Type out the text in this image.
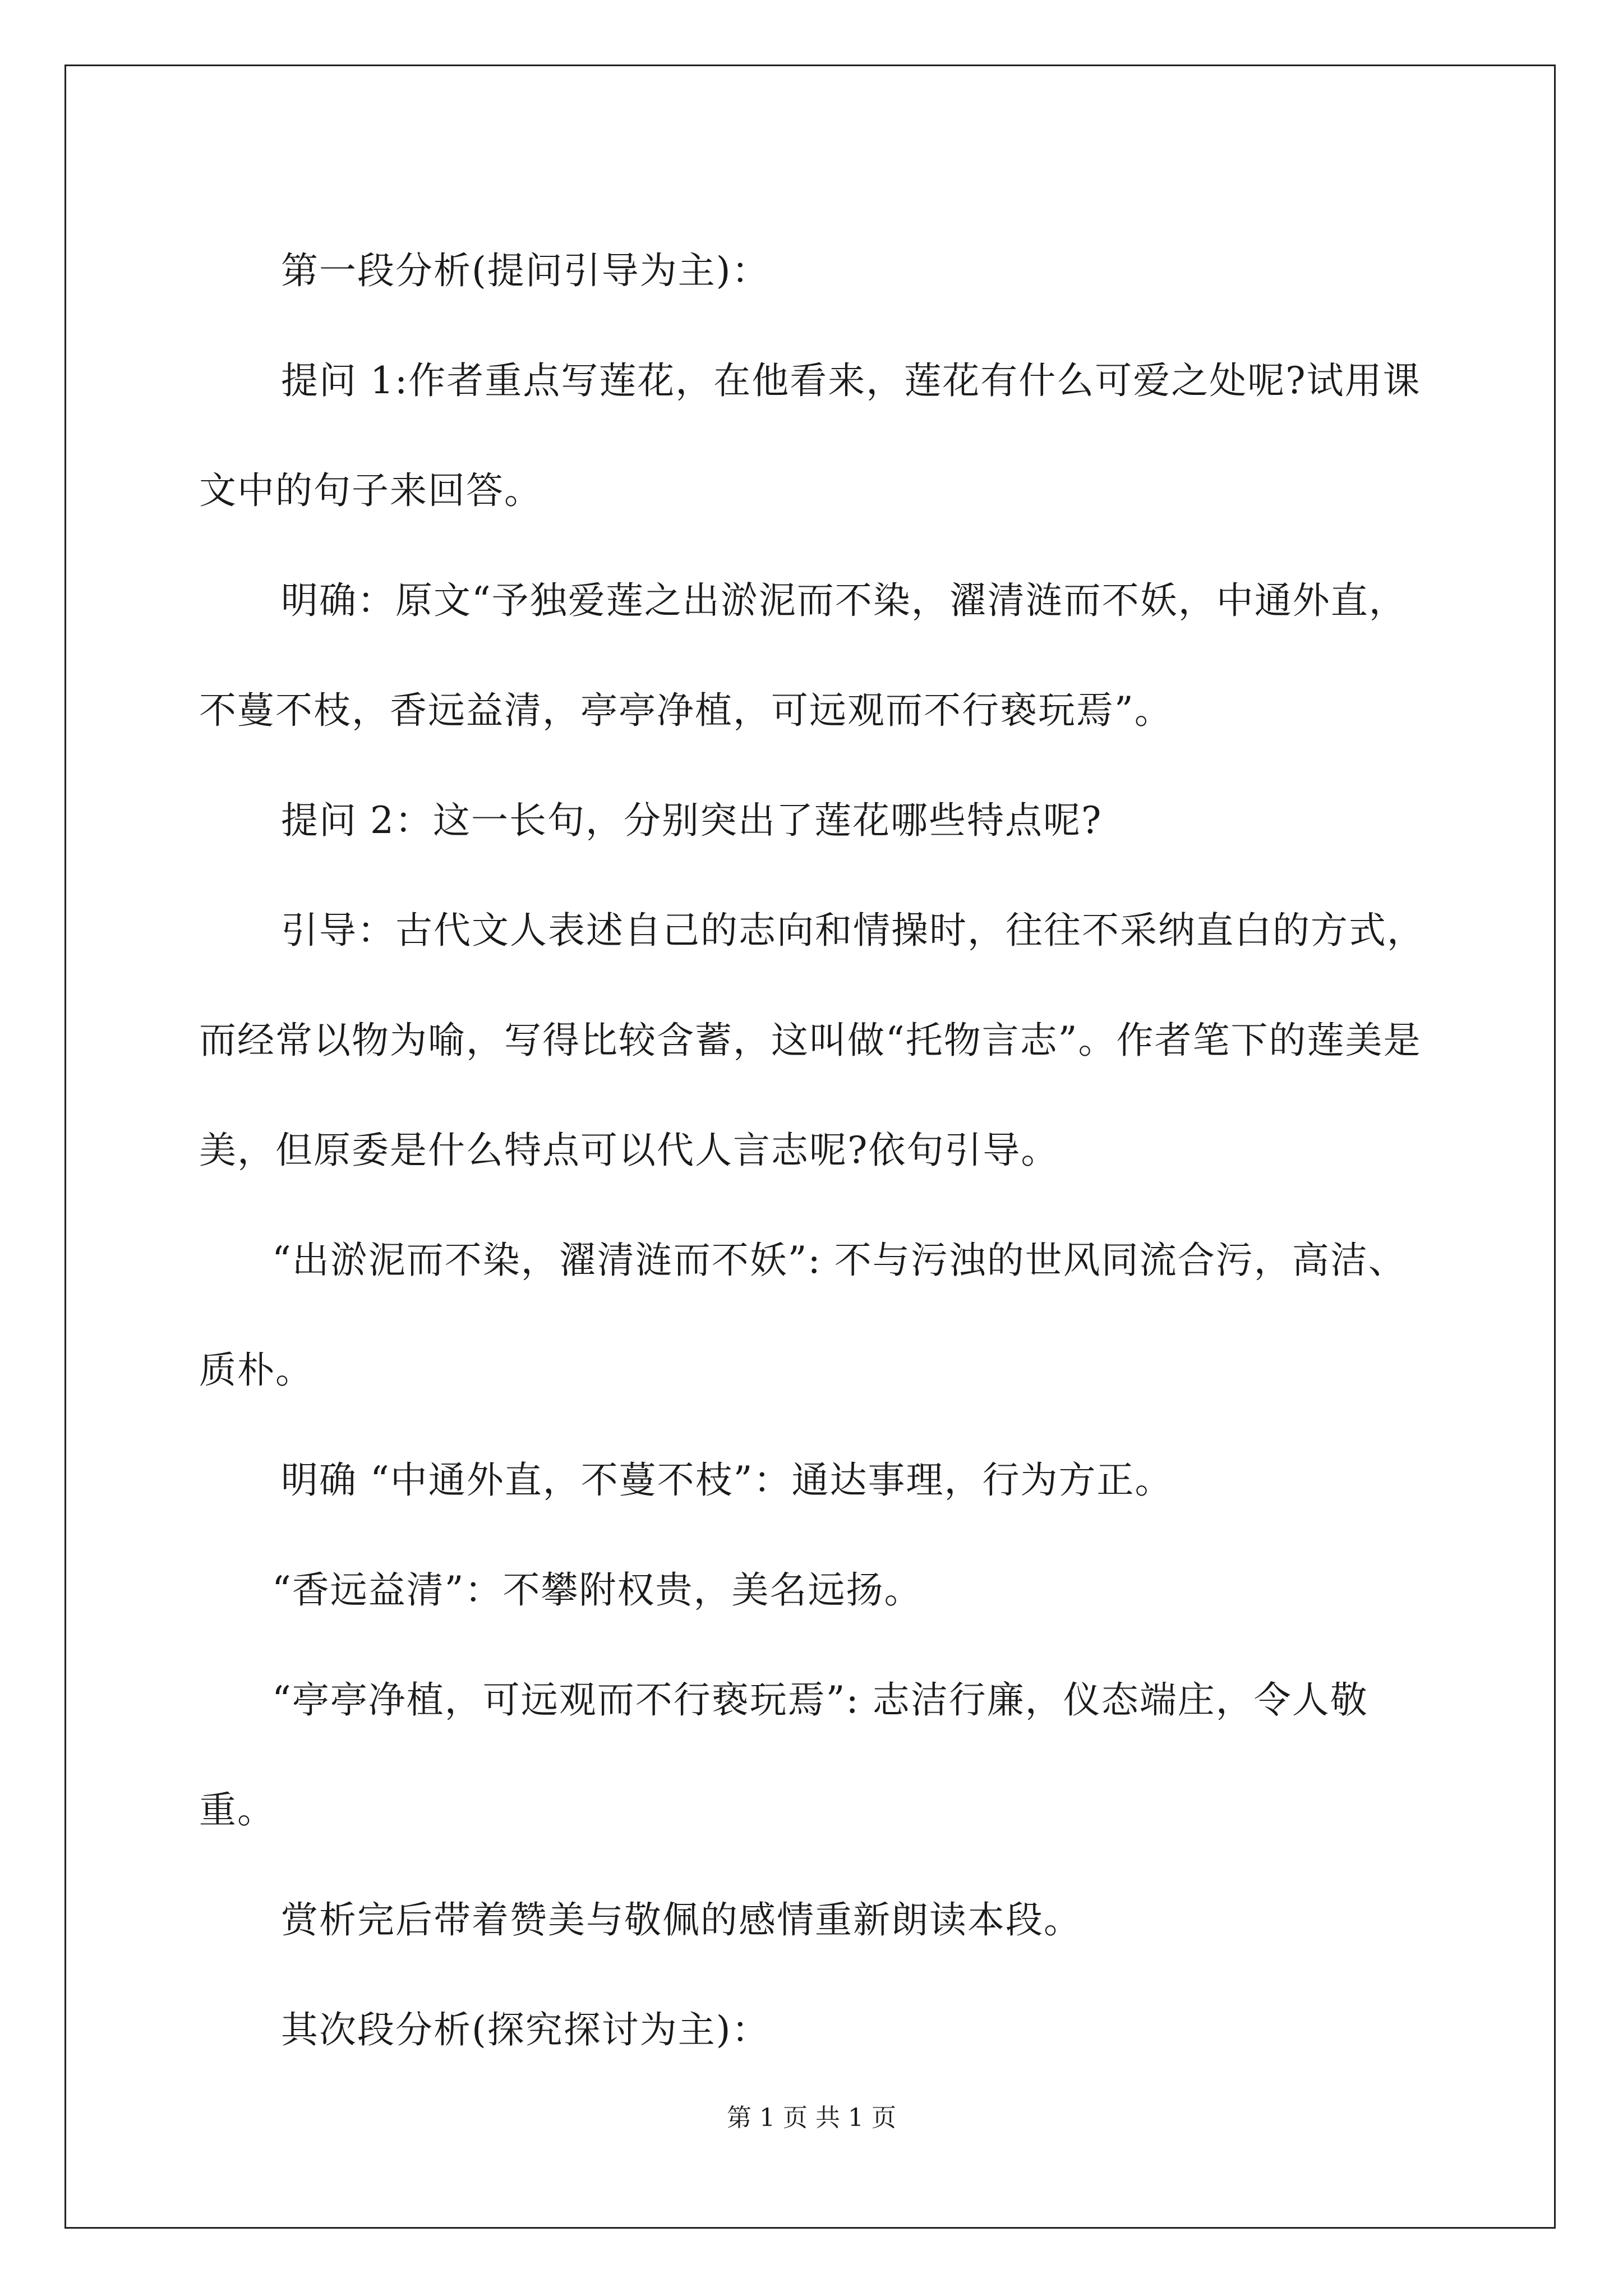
第一段分析(提问引导为主)：

提问 1:作者重点写莲花，在他看来，莲花有什么可爱之处呢?试用课文中的句子来回答。

明确：原文“予独爱莲之出淤泥而不染，濯清涟而不妖，中通外直，不蔓不枝，香远益清，亭亭净植，可远观而不行亵玩焉”。

提问 2：这一长句，分别突出了莲花哪些特点呢?

引导：古代文人表述自己的志向和情操时，往往不采纳直白的方式，而经常以物为喻，写得比较含蓄，这叫做“托物言志”。作者笔下的莲美是美，但原委是什么特点可以代人言志呢?依句引导。

“出淤泥而不染，濯清涟而不妖”: 不与污浊的世风同流合污，高洁、质朴。

明确 “中通外直，不蔓不枝”：通达事理，行为方正。

“香远益清”：不攀附权贵，美名远扬。

“亭亭净植，可远观而不行亵玩焉”: 志洁行廉，仪态端庄，令人敬重。

赏析完后带着赞美与敬佩的感情重新朗读本段。

其次段分析(探究探讨为主)：

第 1 页 共 1 页
